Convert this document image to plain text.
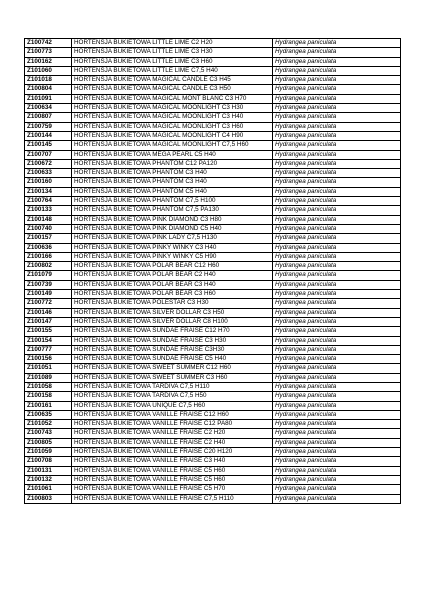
Z100742	HORTENSJA BUKIETOWA LITTLE LIME C2 H20	Hydrangea paniculata
Z100773	HORTENSJA BUKIETOWA LITTLE LIME C3 H30	Hydrangea paniculata
Z100162	HORTENSJA BUKIETOWA LITTLE LIME C3 H60	Hydrangea paniculata
Z101060	HORTENSJA BUKIETOWA LITTLE LIME C7,5 H40	Hydrangea paniculata
Z101018	HORTENSJA BUKIETOWA MAGICAL CANDLE C3 H45	Hydrangea paniculata
Z100804	HORTENSJA BUKIETOWA MAGICAL CANDLE C3 H50	Hydrangea paniculata
Z101091	HORTENSJA BUKIETOWA MAGICAL MONT BLANC C3 H70	Hydrangea paniculata
Z100634	HORTENSJA BUKIETOWA MAGICAL MOONLIGHT C3 H30	Hydrangea paniculata
Z100807	HORTENSJA BUKIETOWA MAGICAL MOONLIGHT C3 H40	Hydrangea paniculata
Z100759	HORTENSJA BUKIETOWA MAGICAL MOONLIGHT C3 H60	Hydrangea paniculata
Z100144	HORTENSJA BUKIETOWA MAGICAL MOONLIGHT C4 H90	Hydrangea paniculata
Z100145	HORTENSJA BUKIETOWA MAGICAL MOONLIGHT C7,5 H60	Hydrangea paniculata
Z100707	HORTENSJA BUKIETOWA MEGA PEARL C5 H40	Hydrangea paniculata
Z100672	HORTENSJA BUKIETOWA PHANTOM C12 PA120	Hydrangea paniculata
Z100633	HORTENSJA BUKIETOWA PHANTOM C3 H40	Hydrangea paniculata
Z100160	HORTENSJA BUKIETOWA PHANTOM C3 H40	Hydrangea paniculata
Z100134	HORTENSJA BUKIETOWA PHANTOM C5 H40	Hydrangea paniculata
Z100764	HORTENSJA BUKIETOWA PHANTOM C7,5 H100	Hydrangea paniculata
Z100133	HORTENSJA BUKIETOWA PHANTOM C7,5 PA130	Hydrangea paniculata
Z100148	HORTENSJA BUKIETOWA PINK DIAMOND C3 H80	Hydrangea paniculata
Z100740	HORTENSJA BUKIETOWA PINK DIAMOND C5 H40	Hydrangea paniculata
Z100157	HORTENSJA BUKIETOWA PINK LADY C7,5 H130	Hydrangea paniculata
Z100636	HORTENSJA BUKIETOWA PINKY WINKY C3 H40	Hydrangea paniculata
Z100166	HORTENSJA BUKIETOWA PINKY WINKY C5 H90	Hydrangea paniculata
Z100802	HORTENSJA BUKIETOWA POLAR BEAR C12 H60	Hydrangea paniculata
Z101079	HORTENSJA BUKIETOWA POLAR BEAR C2 H40	Hydrangea paniculata
Z100739	HORTENSJA BUKIETOWA POLAR BEAR C3 H40	Hydrangea paniculata
Z100149	HORTENSJA BUKIETOWA POLAR BEAR C3 H60	Hydrangea paniculata
Z100772	HORTENSJA BUKIETOWA POLESTAR C3 H30	Hydrangea paniculata
Z100146	HORTENSJA BUKIETOWA SILVER DOLLAR C3 H50	Hydrangea paniculata
Z100147	HORTENSJA BUKIETOWA SILVER DOLLAR C8 H100	Hydrangea paniculata
Z100155	HORTENSJA BUKIETOWA SUNDAE FRAISE C12 H70	Hydrangea paniculata
Z100154	HORTENSJA BUKIETOWA SUNDAE FRAISE C3 H30	Hydrangea paniculata
Z100777	HORTENSJA BUKIETOWA SUNDAE FRAISE C3H30	Hydrangea paniculata
Z100156	HORTENSJA BUKIETOWA SUNDAE FRAISE C5 H40	Hydrangea paniculata
Z101051	HORTENSJA BUKIETOWA SWEET SUMMER C12 H60	Hydrangea paniculata
Z101089	HORTENSJA BUKIETOWA SWEET SUMMER C3 H60	Hydrangea paniculata
Z101058	HORTENSJA BUKIETOWA TARDIVA C7,5 H110	Hydrangea paniculata
Z100158	HORTENSJA BUKIETOWA TARDIVA C7,5 H50	Hydrangea paniculata
Z100161	HORTENSJA BUKIETOWA UNIQUE C7,5 H60	Hydrangea paniculata
Z100635	HORTENSJA BUKIETOWA VANILLE FRAISE C12 H60	Hydrangea paniculata
Z101052	HORTENSJA BUKIETOWA VANILLE FRAISE C12 PA80	Hydrangea paniculata
Z100743	HORTENSJA BUKIETOWA VANILLE FRAISE C2 H20	Hydrangea paniculata
Z100805	HORTENSJA BUKIETOWA VANILLE FRAISE C2 H40	Hydrangea paniculata
Z101059	HORTENSJA BUKIETOWA VANILLE FRAISE C20 H120	Hydrangea paniculata
Z100708	HORTENSJA BUKIETOWA VANILLE FRAISE C3 H40	Hydrangea paniculata
Z100131	HORTENSJA BUKIETOWA VANILLE FRAISE C5 H60	Hydrangea paniculata
Z100132	HORTENSJA BUKIETOWA VANILLE FRAISE C5 H60	Hydrangea paniculata
Z101061	HORTENSJA BUKIETOWA VANILLE FRAISE C5 H70	Hydrangea paniculata
Z100803	HORTENSJA BUKIETOWA VANILLE FRAISE C7,5 H110	Hydrangea paniculata
